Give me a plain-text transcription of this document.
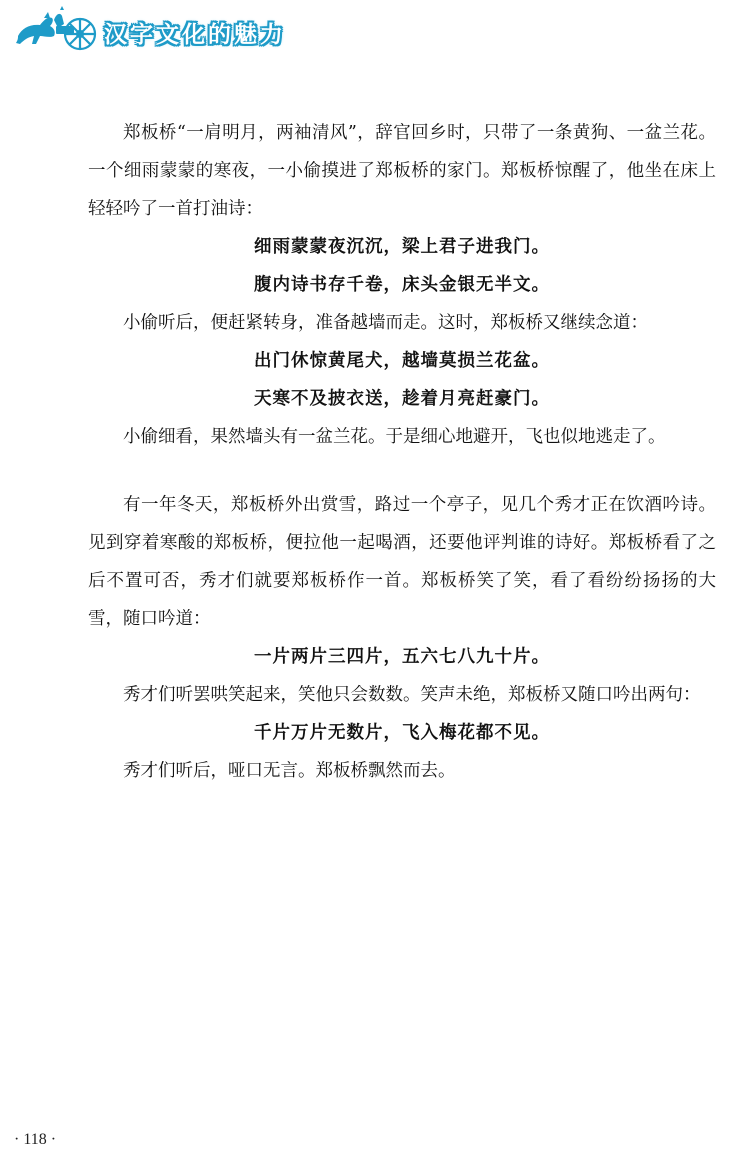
汉字文化的魅力

郑板桥“一肩明月，两袖清风”，辞官回乡时，只带了一条黄狗、一盆兰花。一个细雨蒙蒙的寒夜，一小偷摸进了郑板桥的家门。郑板桥惊醒了，他坐在床上轻轻吟了一首打油诗：

细雨蒙蒙夜沉沉，梁上君子进我门。

腹内诗书存千卷，床头金银无半文。

小偷听后，便赶紧转身，准备越墙而走。这时，郑板桥又继续念道：

出门休惊黄尾犬，越墙莫损兰花盆。

天寒不及披衣送，趁着月亮赶豪门。

小偷细看，果然墙头有一盆兰花。于是细心地避开，飞也似地逃走了。

有一年冬天，郑板桥外出赏雪，路过一个亭子，见几个秀才正在饮酒吟诗。见到穿着寒酸的郑板桥，便拉他一起喝酒，还要他评判谁的诗好。郑板桥看了之后不置可否，秀才们就要郑板桥作一首。郑板桥笑了笑，看了看纷纷扬扬的大雪，随口吟道：

一片两片三四片，五六七八九十片。

秀才们听罢哄笑起来，笑他只会数数。笑声未绝，郑板桥又随口吟出两句：

千片万片无数片，飞入梅花都不见。

秀才们听后，哑口无言。郑板桥飘然而去。

· 118 ·
